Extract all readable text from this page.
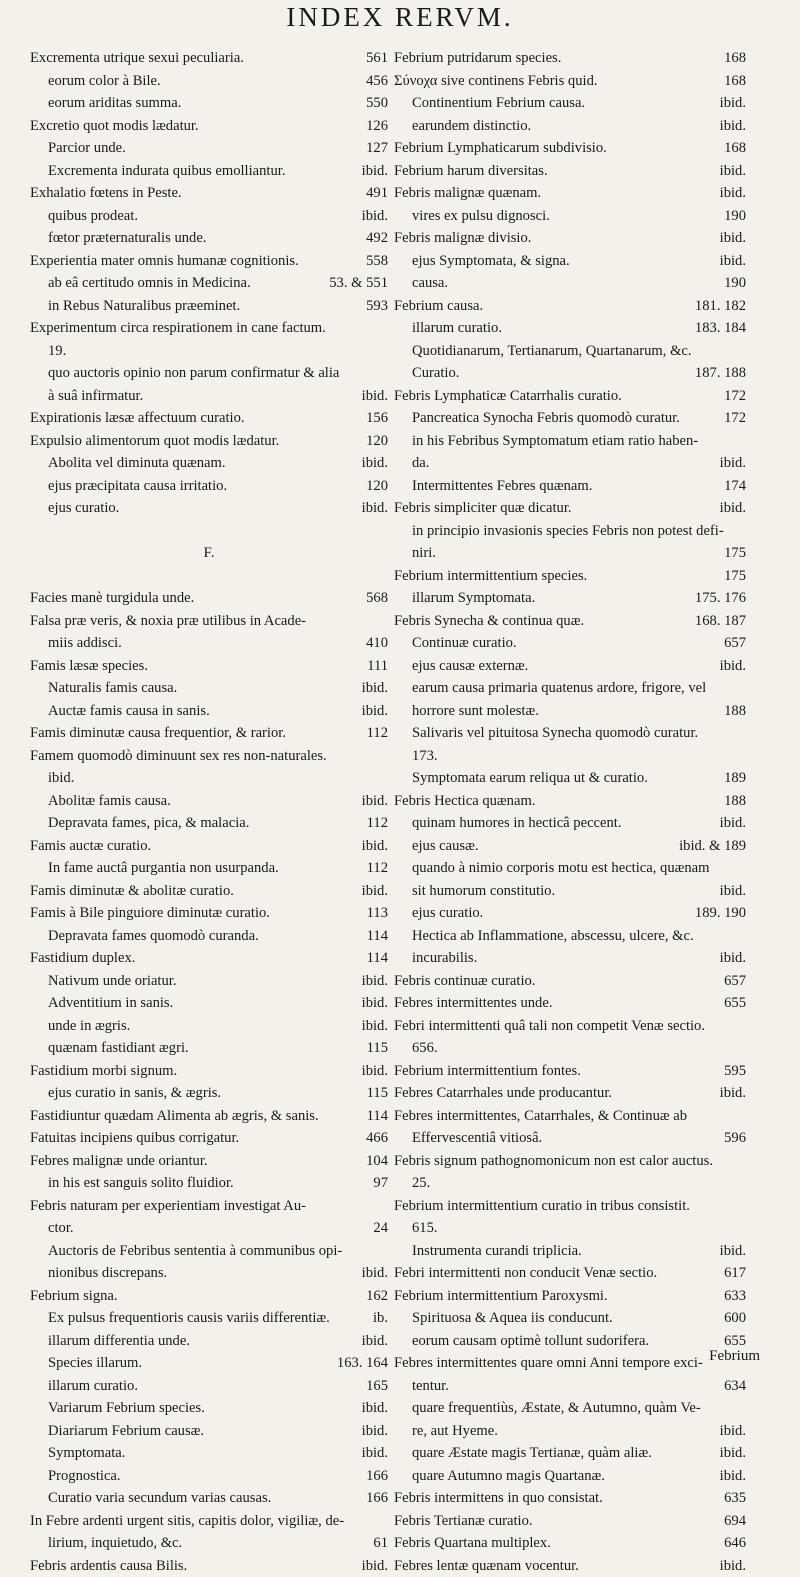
INDEX RERVM.
Excrementa utrique sexui peculiaria.	561
eorum color à Bile.	456
eorum ariditas summa.	550
Excretio quot modis lædatur.	126
Parcior unde.	127
Excrementa indurata quibus emolliantur.	ibid.
Exhalatio fœtens in Peste.	491
quibus prodeat.	ibid.
fœtor præternaturalis unde.	492
Experientia mater omnis humanæ cognitionis.	558
ab eâ certitudo omnis in Medicina.	53. & 551
in Rebus Naturalibus præeminet.	593
Experimentum circa respirationem in cane factum.
19.
quo auctoris opinio non parum confirmatur & alia
à suâ infirmatur.	ibid.
Expirationis læsæ affectuum curatio.	156
Expulsio alimentorum quot modis lædatur.	120
Abolita vel diminuta quænam.	ibid.
ejus præcipitata causa irritatio.	120
ejus curatio.	ibid.
F.
Facies manè turgidula unde.	568
Falsa præ veris, & noxia præ utilibus in Acade-
miis addisci.	410
Famis læsæ species.	111
Naturalis famis causa.	ibid.
Auctæ famis causa in sanis.	ibid.
Famis diminutæ causa frequentior, & rarior.	112
Famem quomodò diminuunt sex res non-naturales.
ibid.
Abolitæ famis causa.	ibid.
Depravata fames, pica, & malacia.	112
Famis auctæ curatio.	ibid.
In fame auctâ purgantia non usurpanda.	112
Famis diminutæ & abolitæ curatio.	ibid.
Famis à Bile pinguiore diminutæ curatio.	113
Depravata fames quomodò curanda.	114
Fastidium duplex.	114
Nativum unde oriatur.	ibid.
Adventitium in sanis.	ibid.
unde in ægris.	ibid.
quænam fastidiant ægri.	115
Fastidium morbi signum.	ibid.
ejus curatio in sanis, & ægris.	115
Fastidiuntur quædam Alimenta ab ægris, & sanis.	114
Fatuitas incipiens quibus corrigatur.	466
Febres malignæ unde oriantur.	104
in his est sanguis solito fluidior.	97
Febris naturam per experientiam investigat Au-
ctor.	24
Auctoris de Febribus sententia à communibus opi-
nionibus discrepans.	ibid.
Febrium signa.	162
Ex pulsus frequentioris causis variis differentiæ.	ib.
illarum differentia unde.	ibid.
Species illarum.	163. 164
illarum curatio.	165
Variarum Febrium species.	ibid.
Diariarum Febrium causæ.	ibid.
Symptomata.	ibid.
Prognostica.	166
Curatio varia secundum varias causas.	166
In Febre ardenti urgent sitis, capitis dolor, vigiliæ, de-
lirium, inquietudo, &c.	61
Febris ardentis causa Bilis.	ibid.
Febrium putridarum species.	168
Σύνοχα sive continens Febris quid.	168
Continentium Febrium causa.	ibid.
earundem distinctio.	ibid.
Febrium Lymphaticarum subdivisio.	168
Febrium harum diversitas.	ibid.
Febris malignæ quænam.	ibid.
vires ex pulsu dignosci.	190
Febris malignæ divisio.	ibid.
ejus Symptomata, & signa.	ibid.
causa.	190
Febrium causa.	181. 182
illarum curatio.	183. 184
Quotidianarum, Tertianarum, Quartanarum, &c.
Curatio.	187. 188
Febris Lymphaticæ Catarrhalis curatio.	172
Pancreatica Synocha Febris quomodò curatur.	172
in his Febribus Symptomatum etiam ratio haben-
da.	ibid.
Intermittentes Febres quænam.	174
Febris simpliciter quæ dicatur.	ibid.
in principio invasionis species Febris non potest defi-
niri.	175
Febrium intermittentium species.	175
illarum Symptomata.	175. 176
Febris Synecha & continua quæ.	168. 187
Continuæ curatio.	657
ejus causæ externæ.	ibid.
earum causa primaria quatenus ardore, frigore, vel
horrore sunt molestæ.	188
Salivaris vel pituitosa Synecha quomodò curatur.
173.
Symptomata earum reliqua ut & curatio.	189
Febris Hectica quænam.	188
quinam humores in hecticâ peccent.	ibid.
ejus causæ.	ibid. & 189
quando à nimio corporis motu est hectica, quænam
sit humorum constitutio.	ibid.
ejus curatio.	189. 190
Hectica ab Inflammatione, abscessu, ulcere, &c.
incurabilis.	ibid.
Febris continuæ curatio.	657
Febres intermittentes unde.	655
Febri intermittenti quâ tali non competit Venæ sectio.
656.
Febrium intermittentium fontes.	595
Febres Catarrhales unde producantur.	ibid.
Febres intermittentes, Catarrhales, & Continuæ ab
Effervescentiâ vitiosâ.	596
Febris signum pathognomonicum non est calor auctus.
25.
Febrium intermittentium curatio in tribus consistit.
615.
Instrumenta curandi triplicia.	ibid.
Febri intermittenti non conducit Venæ sectio.	617
Febrium intermittentium Paroxysmi.	633
Spirituosa & Aquea iis conducunt.	600
eorum causam optimè tollunt sudorifera.	655
Febres intermittentes quare omni Anni tempore exci-
tentur.	634
quare frequentiùs, Æstate, & Autumno, quàm Ve-
re, aut Hyeme.	ibid.
quare Æstate magis Tertianæ, quàm aliæ.	ibid.
quare Autumno magis Quartanæ.	ibid.
Febris intermittens in quo consistat.	635
Febris Tertianæ curatio.	694
Febris Quartana multiplex.	646
Febres lentæ quænam vocentur.	ibid.
Febrium
